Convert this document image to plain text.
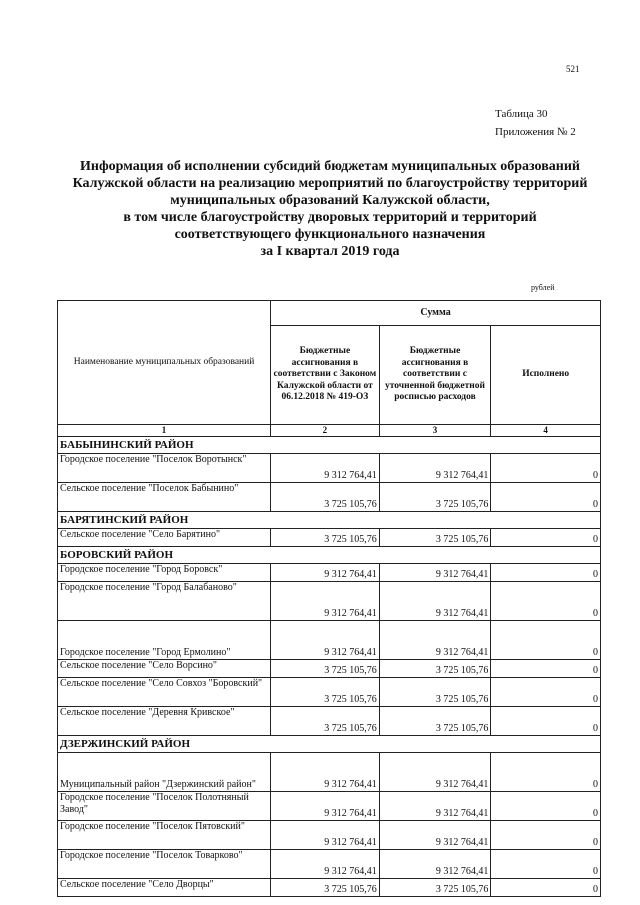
521
Таблица 30
Приложения № 2
Информация об исполнении субсидий бюджетам муниципальных образований
Калужской области на реализацию мероприятий по благоустройству территорий
муниципальных образований Калужской области,
в том числе благоустройству дворовых территорий и территорий
соответствующего функционального назначения
за I квартал 2019 года
рублей
Наименование муниципальных образований	Сумма		
	Бюджетные ассигнования в соответствии с Законом Калужской области от 06.12.2018 № 419-ОЗ	Бюджетные ассигнования в соответствии с уточненной бюджетной росписью расходов	Исполнено
1	2	3	4
БАБЫНИНСКИЙ РАЙОН			
Городское поселение "Поселок Воротынск"	9 312 764,41	9 312 764,41	0
Сельское поселение "Поселок Бабынино"	3 725 105,76	3 725 105,76	0
БАРЯТИНСКИЙ РАЙОН			
Сельское поселение "Село Барятино"	3 725 105,76	3 725 105,76	0
БОРОВСКИЙ РАЙОН			
Городское поселение "Город Боровск"	9 312 764,41	9 312 764,41	0
Городское поселение "Город Балабаново"	9 312 764,41	9 312 764,41	0
Городское поселение "Город Ермолино"	9 312 764,41	9 312 764,41	0
Сельское поселение "Село Ворсино"	3 725 105,76	3 725 105,76	0
Сельское поселение "Село Совхоз "Боровский"	3 725 105,76	3 725 105,76	0
Сельское поселение "Деревня Кривское"	3 725 105,76	3 725 105,76	0
ДЗЕРЖИНСКИЙ РАЙОН			
Муниципальный район "Дзержинский район"	9 312 764,41	9 312 764,41	0
Городское поселение "Поселок Полотняный Завод"	9 312 764,41	9 312 764,41	0
Городское поселение "Поселок Пятовский"	9 312 764,41	9 312 764,41	0
Городское поселение "Поселок Товарково"	9 312 764,41	9 312 764,41	0
Сельское поселение "Село Дворцы"	3 725 105,76	3 725 105,76	0
